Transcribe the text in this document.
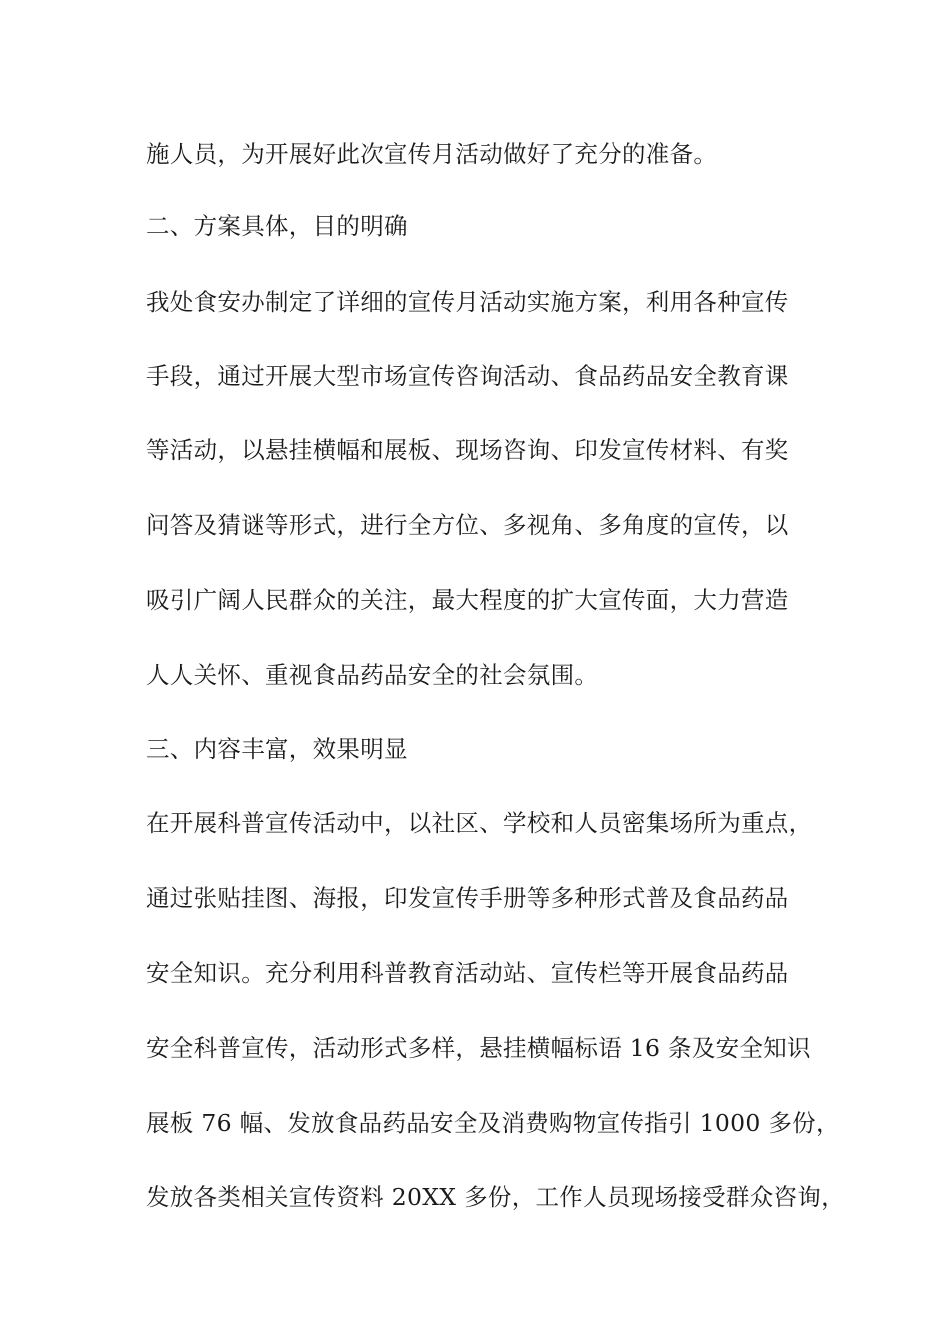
施人员，为开展好此次宣传月活动做好了充分的准备。
二、方案具体，目的明确
我处食安办制定了详细的宣传月活动实施方案，利用各种宣传
手段，通过开展大型市场宣传咨询活动、食品药品安全教育课
等活动，以悬挂横幅和展板、现场咨询、印发宣传材料、有奖
问答及猜谜等形式，进行全方位、多视角、多角度的宣传，以
吸引广阔人民群众的关注，最大程度的扩大宣传面，大力营造
人人关怀、重视食品药品安全的社会氛围。
三、内容丰富，效果明显
在开展科普宣传活动中，以社区、学校和人员密集场所为重点，
通过张贴挂图、海报，印发宣传手册等多种形式普及食品药品
安全知识。充分利用科普教育活动站、宣传栏等开展食品药品
安全科普宣传，活动形式多样，悬挂横幅标语 16 条及安全知识
展板 76 幅、发放食品药品安全及消费购物宣传指引 1000 多份，
发放各类相关宣传资料 20XX 多份，工作人员现场接受群众咨询，
